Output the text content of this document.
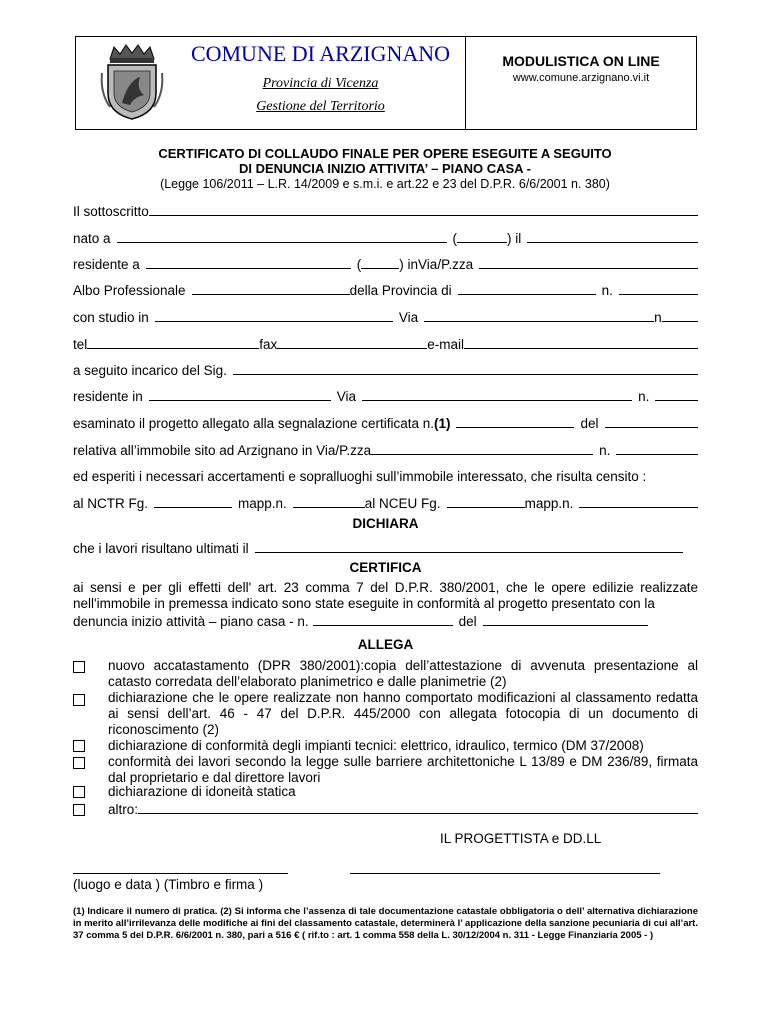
COMUNE DI ARZIGNANO
Provincia di Vicenza
Gestione del Territorio
MODULISTICA ON LINE
www.comune.arzignano.vi.it
CERTIFICATO DI COLLAUDO FINALE PER OPERE ESEGUITE A SEGUITO
DI DENUNCIA INIZIO ATTIVITA’ – PIANO CASA -
(Legge 106/2011 – L.R. 14/2009 e s.m.i. e art.22 e 23 del D.P.R. 6/6/2001 n. 380)
Il sottoscritto
nato a	(	) il
residente a	(	) inVia/P.zza
Albo Professionale	della Provincia di	n.
con studio in	Via	n
tel	fax	e-mail
a seguito incarico del Sig.
residente in	Via	n.
esaminato il progetto allegato alla segnalazione certificata n. (1)	del
relativa all’immobile sito ad Arzignano in Via/P.zza	n.
ed esperiti i necessari accertamenti e sopralluoghi sull’immobile interessato, che risulta censito :
al NCTR Fg.	mapp.n.	al NCEU Fg.	mapp.n.
DICHIARA
che i lavori risultano ultimati il
CERTIFICA
ai sensi e per gli effetti dell' art. 23 comma 7 del D.P.R. 380/2001, che le opere edilizie realizzate nell'immobile in premessa indicato sono state eseguite in conformità al progetto presentato con la
denuncia inizio attività – piano casa - n.	del
ALLEGA
nuovo accatastamento (DPR 380/2001):copia dell’attestazione di avvenuta presentazione al catasto corredata dell’elaborato planimetrico e dalle planimetrie (2)
dichiarazione che le opere realizzate non hanno comportato modificazioni al classamento redatta ai sensi dell’art. 46 - 47 del D.P.R. 445/2000 con allegata fotocopia di un documento di riconoscimento (2)
dichiarazione di conformità degli impianti tecnici: elettrico, idraulico, termico (DM 37/2008)
conformità dei lavori secondo la legge sulle barriere architettoniche L 13/89 e DM 236/89, firmata dal proprietario e dal direttore lavori
dichiarazione di idoneità statica
altro:
IL PROGETTISTA e DD.LL
(luogo e data ) (Timbro e firma )
(1) Indicare il numero di pratica. (2) Si informa che l’assenza di tale documentazione catastale obbligatoria o dell’ alternativa dichiarazione in merito all’irrilevanza delle modifiche ai fini del classamento catastale, determinerà l’ applicazione della sanzione pecuniaria di cui all’art. 37 comma 5 del D.P.R. 6/6/2001 n. 380, pari a 516 € ( rif.to : art. 1 comma 558 della L. 30/12/2004 n. 311 - Legge Finanziaria 2005 - )
